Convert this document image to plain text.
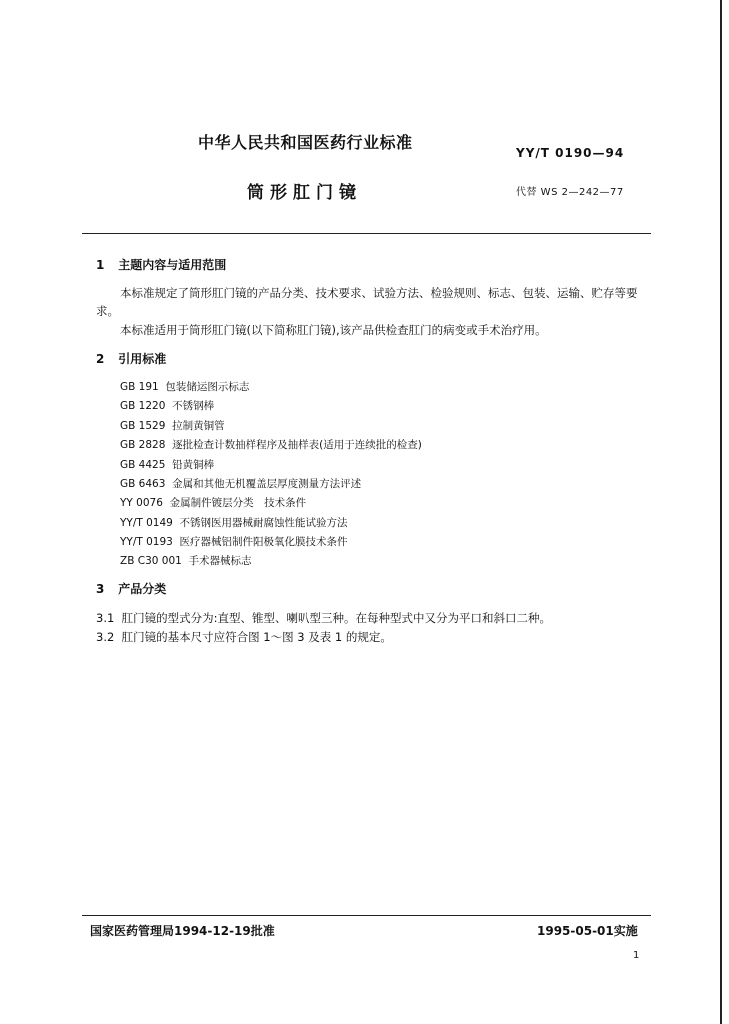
中华人民共和国医药行业标准
YY/T 0190—94
筒形肛门镜	代替 WS 2—242—77
1 主题内容与适用范围
本标准规定了筒形肛门镜的产品分类、技术要求、试验方法、检验规则、标志、包装、运输、贮存等要
求。
本标准适用于筒形肛门镜(以下简称肛门镜),该产品供检查肛门的病变或手术治疗用。
2 引用标准
GB 191 包装储运图示标志
GB 1220 不锈钢棒
GB 1529 拉制黄铜管
GB 2828 逐批检查计数抽样程序及抽样表(适用于连续批的检查)
GB 4425 铅黄铜棒
GB 6463 金属和其他无机覆盖层厚度测量方法评述
YY 0076 金属制件镀层分类　技术条件
YY/T 0149 不锈钢医用器械耐腐蚀性能试验方法
YY/T 0193 医疗器械铝制件阳极氧化膜技术条件
ZB C30 001 手术器械标志
3 产品分类
3.1 肛门镜的型式分为:直型、锥型、喇叭型三种。在每种型式中又分为平口和斜口二种。
3.2 肛门镜的基本尺寸应符合图 1～图 3 及表 1 的规定。
国家医药管理局1994-12-19批准	1995-05-01实施
1
